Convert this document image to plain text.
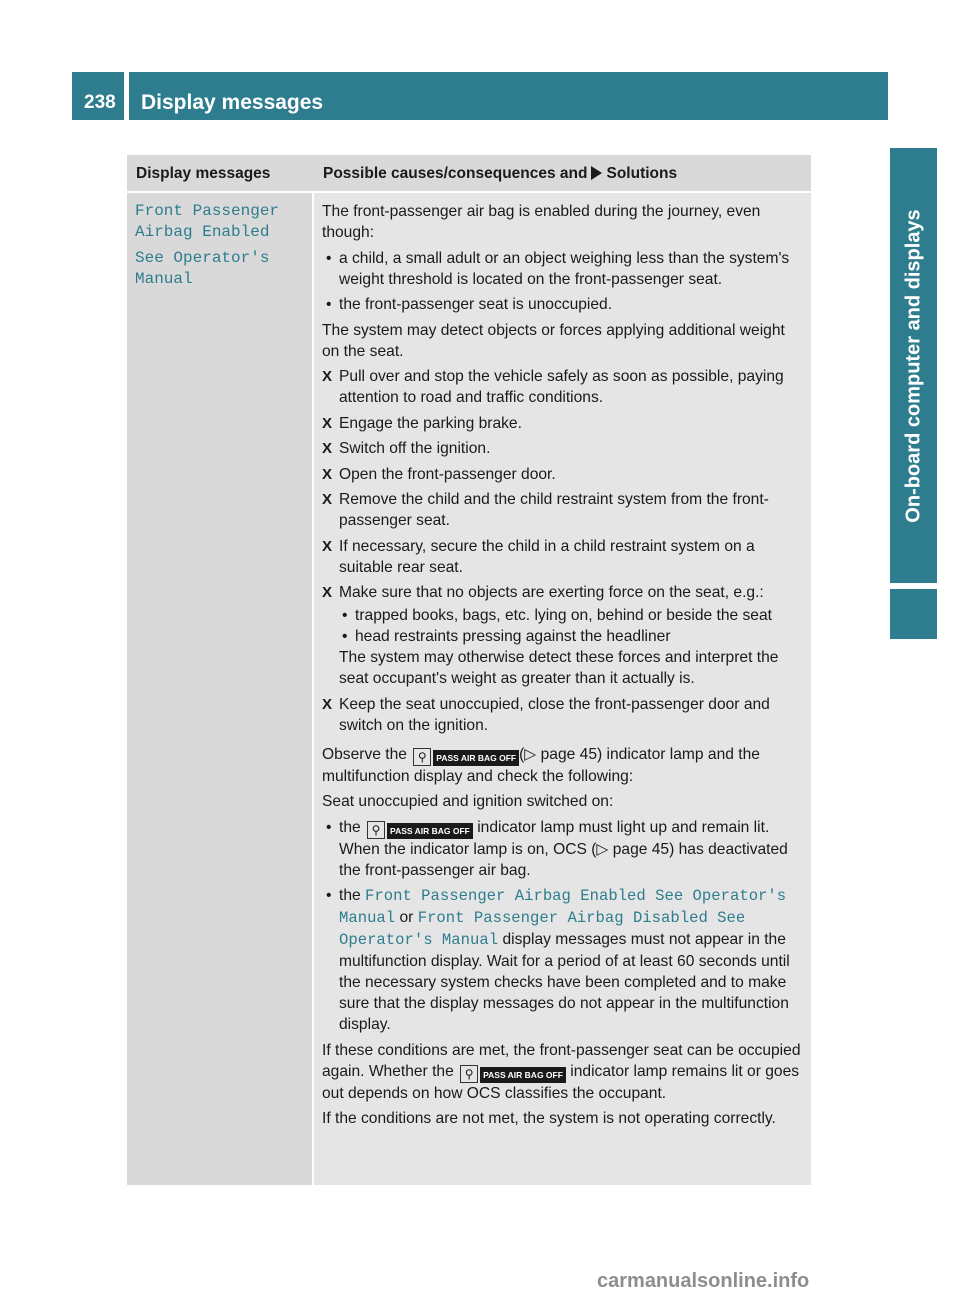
238 Display messages
On-board computer and displays
Display messages	Possible causes/consequences and Solutions

Front Passenger Airbag Enabled

See Operator's Manual

The front-passenger air bag is enabled during the journey, even though:

• a child, a small adult or an object weighing less than the system's weight threshold is located on the front-passenger seat.
• the front-passenger seat is unoccupied.

The system may detect objects or forces applying additional weight on the seat.

X Pull over and stop the vehicle safely as soon as possible, paying attention to road and traffic conditions.
X Engage the parking brake.
X Switch off the ignition.
X Open the front-passenger door.
X Remove the child and the child restraint system from the front-passenger seat.
X If necessary, secure the child in a child restraint system on a suitable rear seat.
X Make sure that no objects are exerting force on the seat, e.g.:
• trapped books, bags, etc. lying on, behind or beside the seat
• head restraints pressing against the headliner
The system may otherwise detect these forces and interpret the seat occupant's weight as greater than it actually is.
X Keep the seat unoccupied, close the front-passenger door and switch on the ignition.

Observe the ⚲ PASS AIR BAG OFF (▷ page 45) indicator lamp and the multifunction display and check the following:

Seat unoccupied and ignition switched on:

• the ⚲ PASS AIR BAG OFF indicator lamp must light up and remain lit. When the indicator lamp is on, OCS (▷ page 45) has deactivated the front-passenger air bag.
• the Front Passenger Airbag Enabled See Operator's Manual or Front Passenger Airbag Disabled See Operator's Manual display messages must not appear in the multifunction display. Wait for a period of at least 60 seconds until the necessary system checks have been completed and to make sure that the display messages do not appear in the multifunction display.

If these conditions are met, the front-passenger seat can be occupied again. Whether the ⚲ PASS AIR BAG OFF indicator lamp remains lit or goes out depends on how OCS classifies the occupant.

If the conditions are not met, the system is not operating correctly.

carmanualsonline.info
